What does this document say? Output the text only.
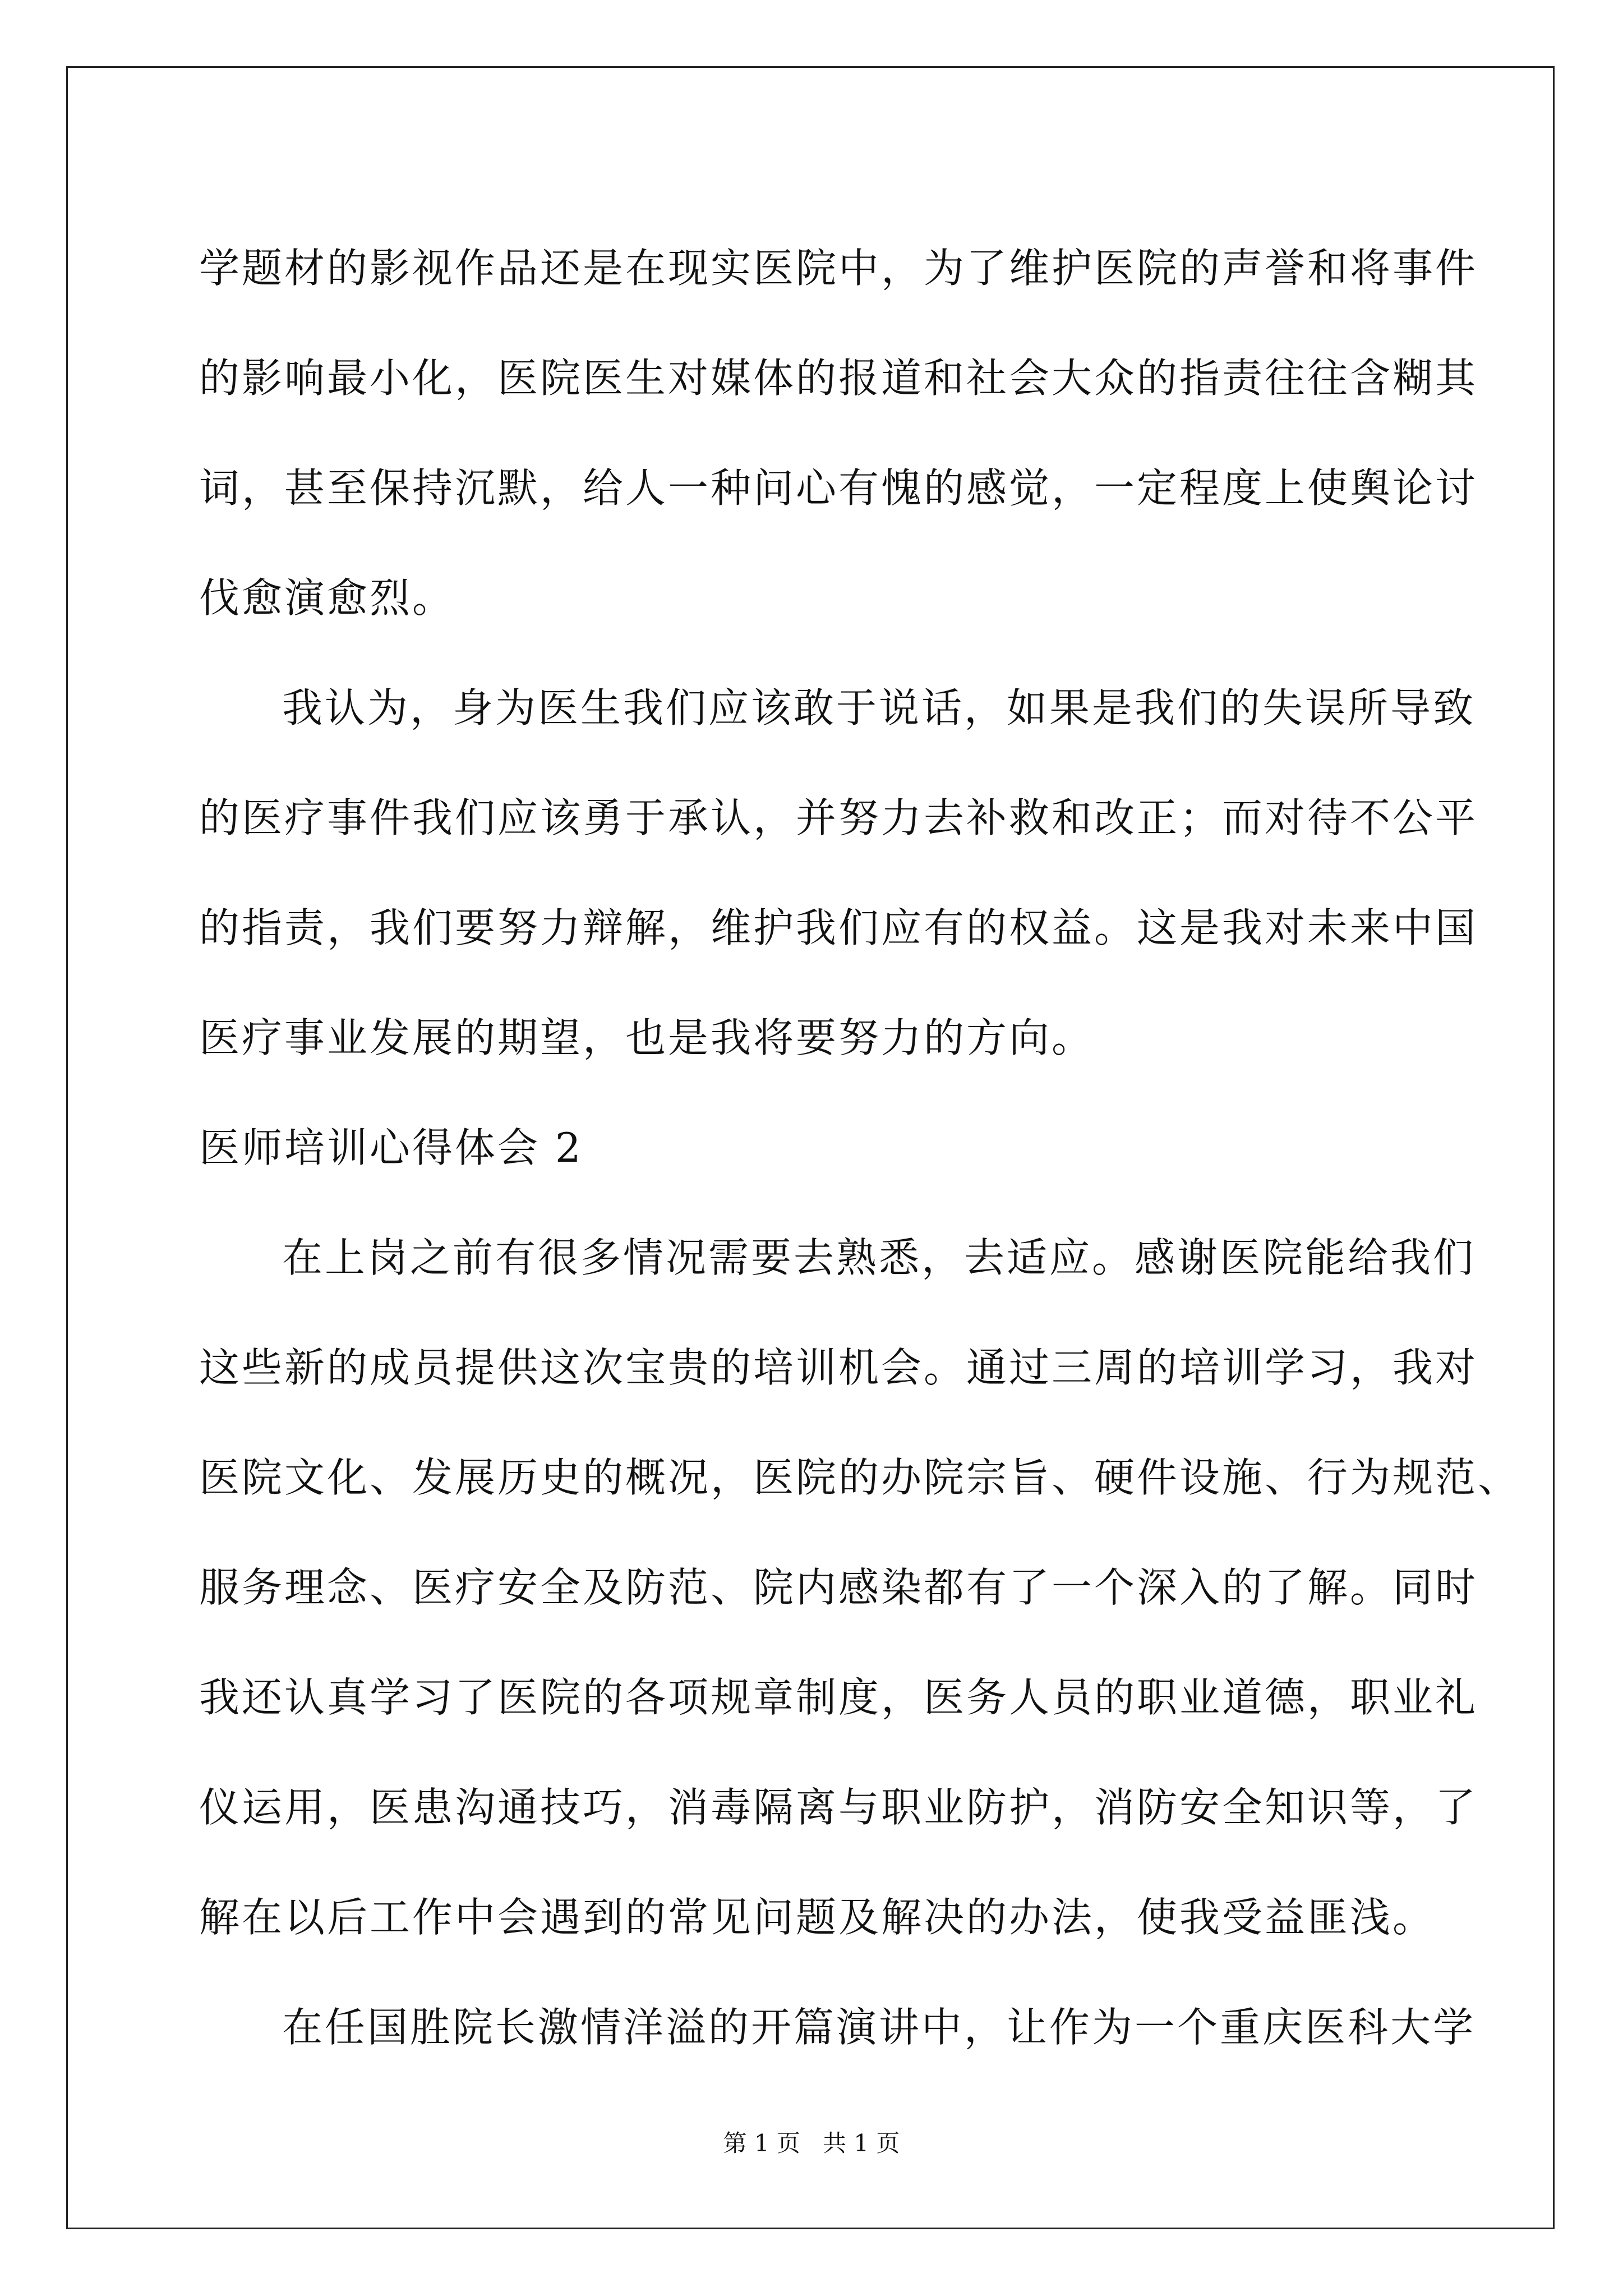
学题材的影视作品还是在现实医院中，为了维护医院的声誉和将事件
的影响最小化，医院医生对媒体的报道和社会大众的指责往往含糊其
词，甚至保持沉默，给人一种问心有愧的感觉，一定程度上使舆论讨
伐愈演愈烈。
我认为，身为医生我们应该敢于说话，如果是我们的失误所导致
的医疗事件我们应该勇于承认，并努力去补救和改正；而对待不公平
的指责，我们要努力辩解，维护我们应有的权益。这是我对未来中国
医疗事业发展的期望，也是我将要努力的方向。
医师培训心得体会 2
在上岗之前有很多情况需要去熟悉，去适应。感谢医院能给我们
这些新的成员提供这次宝贵的培训机会。通过三周的培训学习，我对
医院文化、发展历史的概况，医院的办院宗旨、硬件设施、行为规范、
服务理念、医疗安全及防范、院内感染都有了一个深入的了解。同时
我还认真学习了医院的各项规章制度，医务人员的职业道德，职业礼
仪运用，医患沟通技巧，消毒隔离与职业防护，消防安全知识等，了
解在以后工作中会遇到的常见问题及解决的办法，使我受益匪浅。
在任国胜院长激情洋溢的开篇演讲中，让作为一个重庆医科大学
第 1 页 共 1 页
